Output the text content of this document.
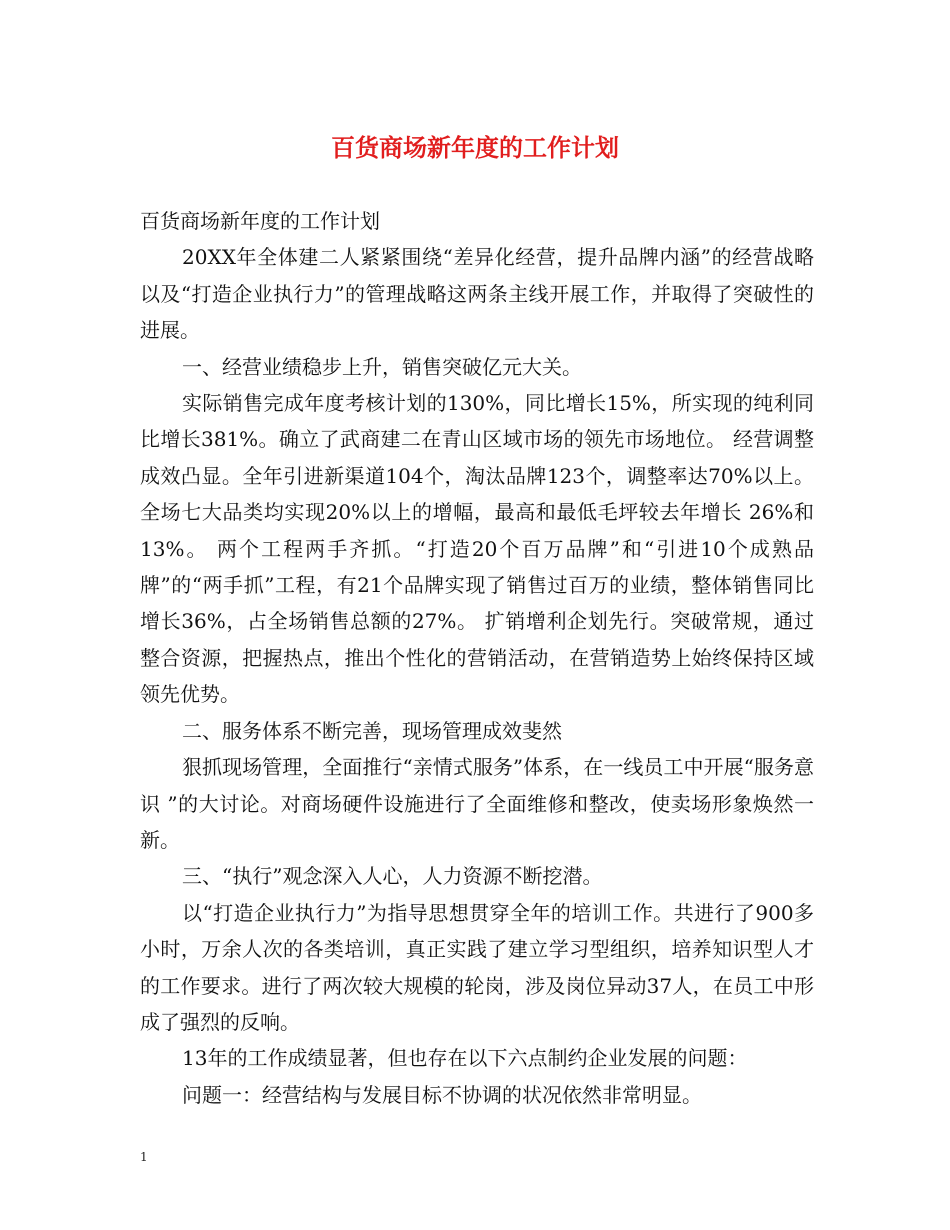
百货商场新年度的工作计划

百货商场新年度的工作计划

20XX年全体建二人紧紧围绕“差异化经营，提升品牌内涵”的经营战略以及“打造企业执行力”的管理战略这两条主线开展工作，并取得了突破性的进展。

一、经营业绩稳步上升，销售突破亿元大关。

实际销售完成年度考核计划的130%，同比增长15%，所实现的纯利同比增长381%。确立了武商建二在青山区域市场的领先市场地位。 经营调整成效凸显。全年引进新渠道104个，淘汰品牌123个，调整率达70%以上。全场七大品类均实现20%以上的增幅，最高和最低毛坪较去年增长 26%和13%。 两个工程两手齐抓。“打造20个百万品牌”和“引进10个成熟品牌”的“两手抓”工程，有21个品牌实现了销售过百万的业绩，整体销售同比增长36%，占全场销售总额的27%。 扩销增利企划先行。突破常规，通过整合资源，把握热点，推出个性化的营销活动，在营销造势上始终保持区域领先优势。

二、服务体系不断完善，现场管理成效斐然

狠抓现场管理，全面推行“亲情式服务”体系，在一线员工中开展“服务意识 ”的大讨论。对商场硬件设施进行了全面维修和整改，使卖场形象焕然一新。

三、“执行”观念深入人心，人力资源不断挖潜。

以“打造企业执行力”为指导思想贯穿全年的培训工作。共进行了900多小时，万余人次的各类培训，真正实践了建立学习型组织，培养知识型人才的工作要求。进行了两次较大规模的轮岗，涉及岗位异动37人，在员工中形成了强烈的反响。

13年的工作成绩显著，但也存在以下六点制约企业发展的问题：

问题一：经营结构与发展目标不协调的状况依然非常明显。

1
